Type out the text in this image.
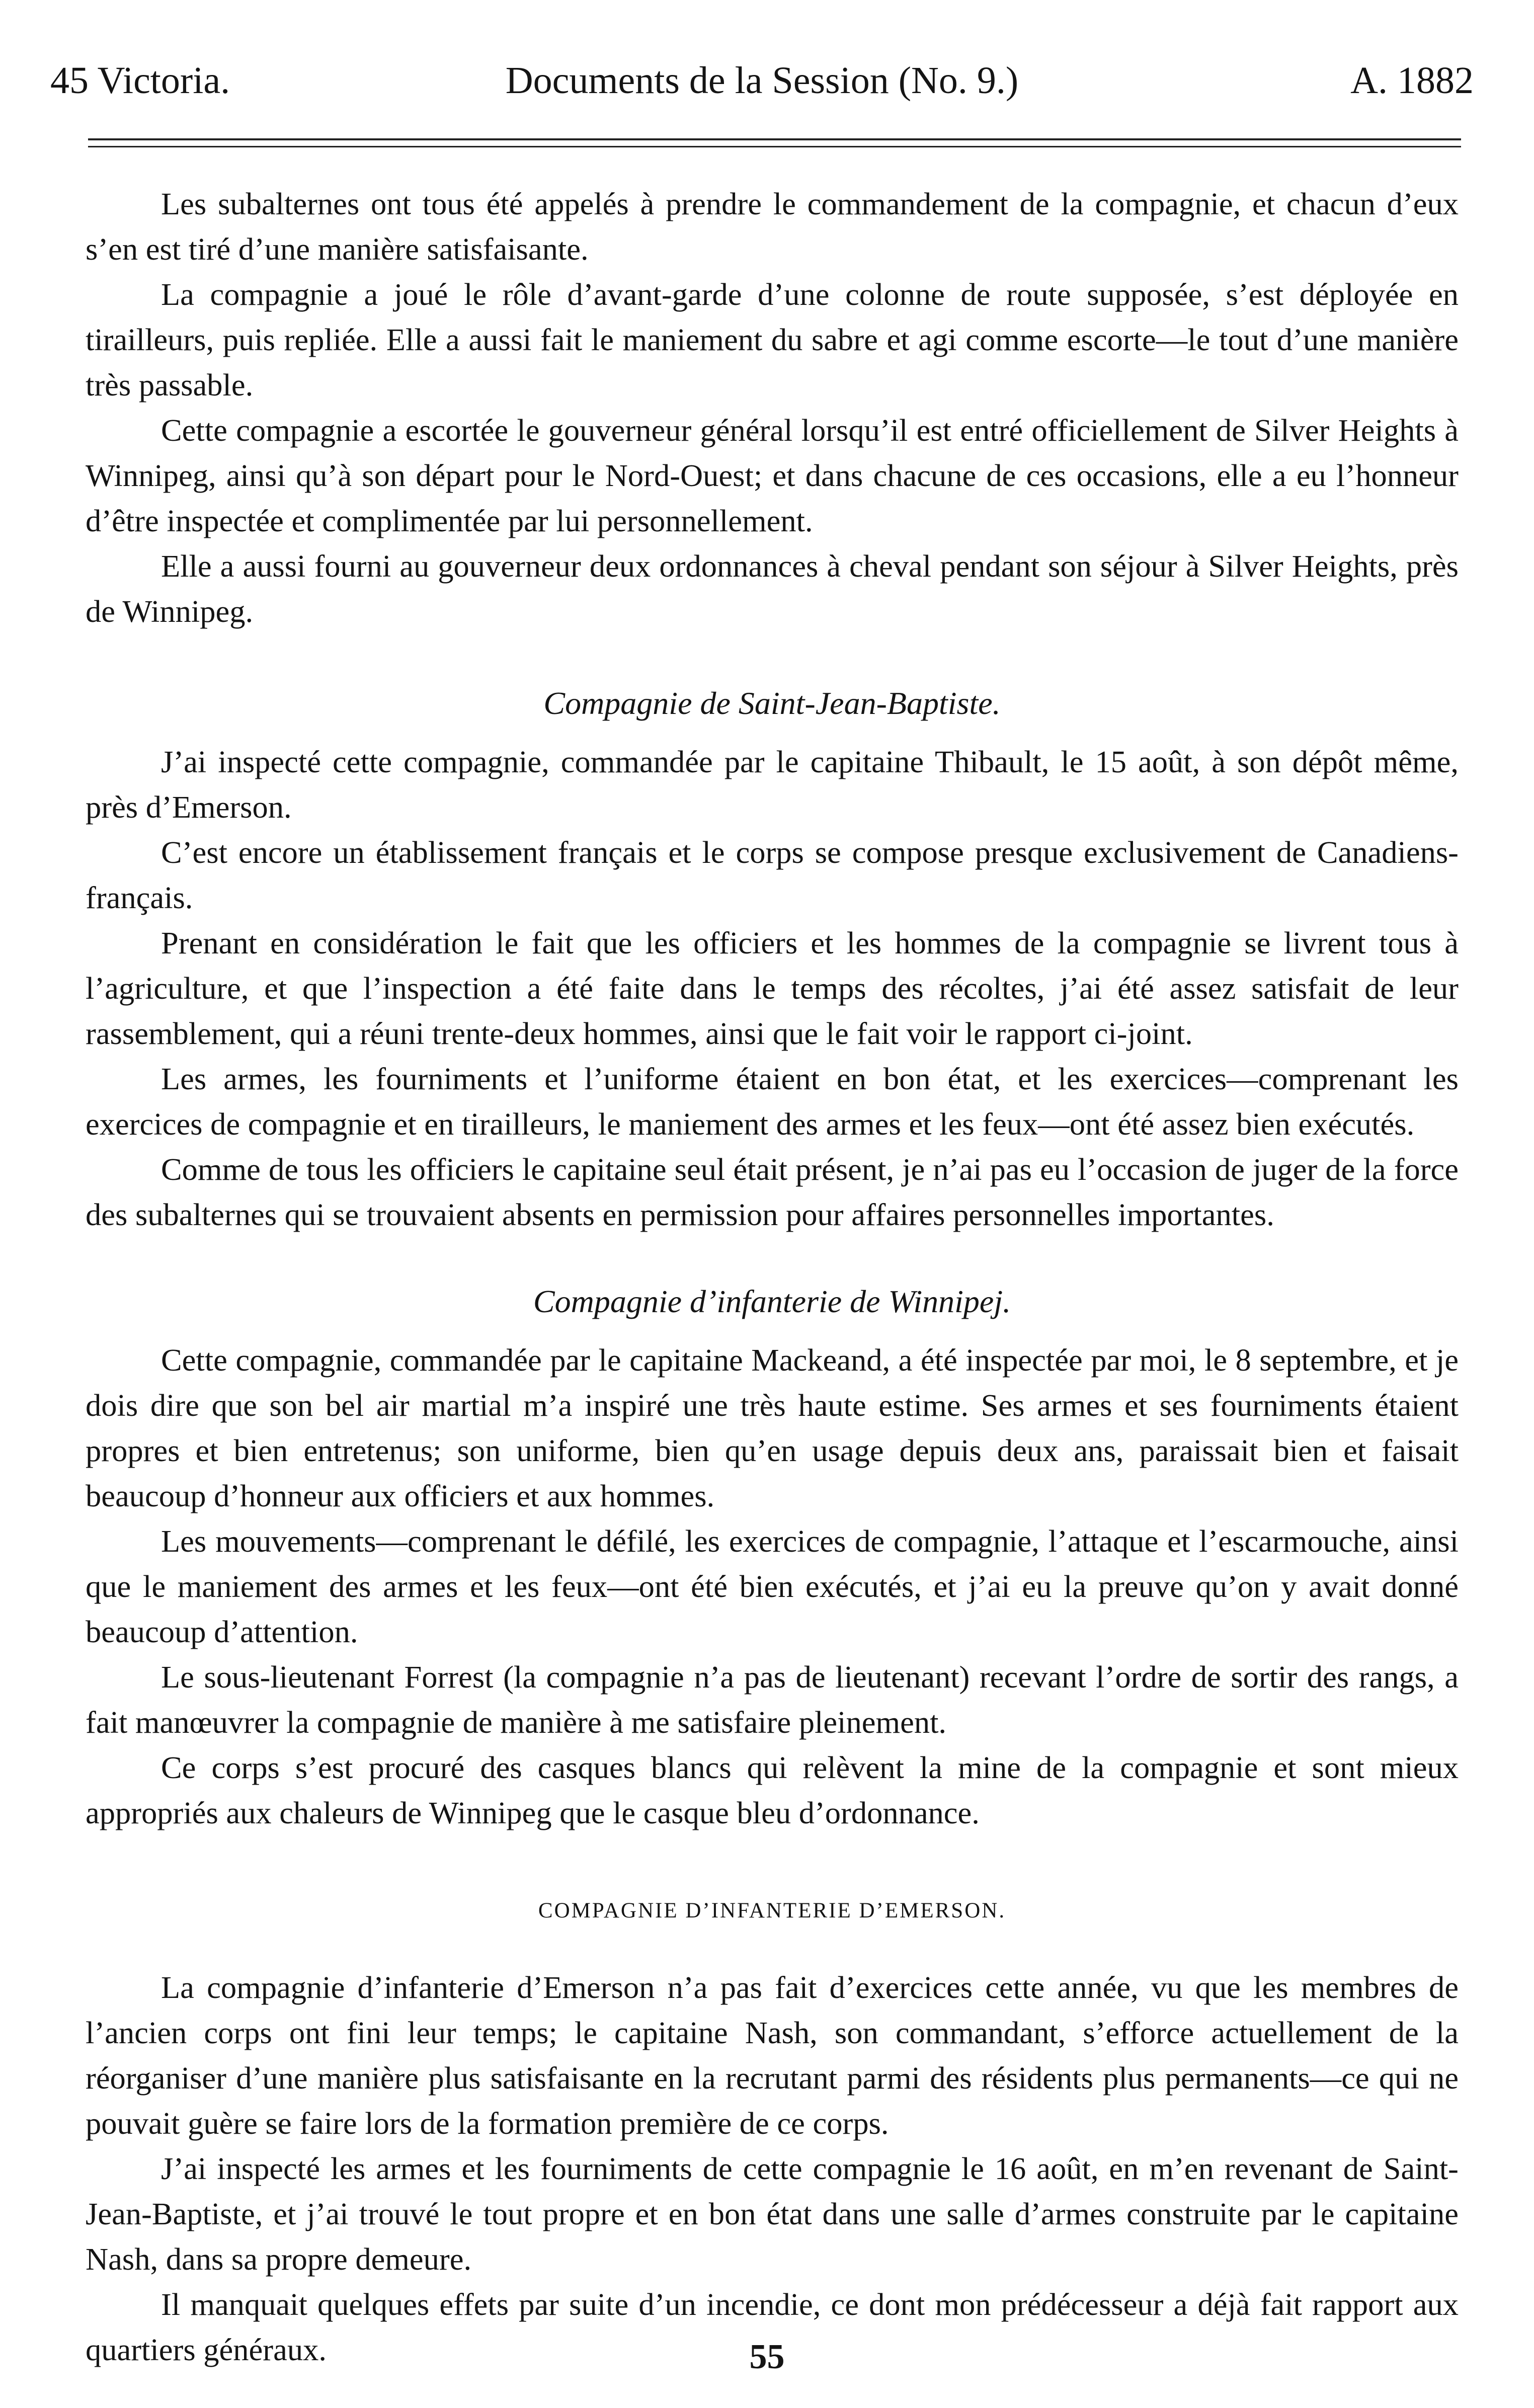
45 Victoria.	Documents de la Session (No. 9.)	A. 1882

Les subalternes ont tous été appelés à prendre le commandement de la compagnie, et chacun d’eux s’en est tiré d’une manière satisfaisante.

La compagnie a joué le rôle d’avant-garde d’une colonne de route supposée, s’est déployée en tirailleurs, puis repliée. Elle a aussi fait le maniement du sabre et agi comme escorte—le tout d’une manière très passable.

Cette compagnie a escortée le gouverneur général lorsqu’il est entré officiellement de Silver Heights à Winnipeg, ainsi qu’à son départ pour le Nord-Ouest; et dans chacune de ces occasions, elle a eu l’honneur d’être inspectée et complimentée par lui personnellement.

Elle a aussi fourni au gouverneur deux ordonnances à cheval pendant son séjour à Silver Heights, près de Winnipeg.

Compagnie de Saint-Jean-Baptiste.

J’ai inspecté cette compagnie, commandée par le capitaine Thibault, le 15 août, à son dépôt même, près d’Emerson.

C’est encore un établissement français et le corps se compose presque exclusivement de Canadiens-français.

Prenant en considération le fait que les officiers et les hommes de la compagnie se livrent tous à l’agriculture, et que l’inspection a été faite dans le temps des récoltes, j’ai été assez satisfait de leur rassemblement, qui a réuni trente-deux hommes, ainsi que le fait voir le rapport ci-joint.

Les armes, les fourniments et l’uniforme étaient en bon état, et les exercices—comprenant les exercices de compagnie et en tirailleurs, le maniement des armes et les feux—ont été assez bien exécutés.

Comme de tous les officiers le capitaine seul était présent, je n’ai pas eu l’occasion de juger de la force des subalternes qui se trouvaient absents en permission pour affaires personnelles importantes.

Compagnie d’infanterie de Winnipej.

Cette compagnie, commandée par le capitaine Mackeand, a été inspectée par moi, le 8 septembre, et je dois dire que son bel air martial m’a inspiré une très haute estime. Ses armes et ses fourniments étaient propres et bien entretenus; son uniforme, bien qu’en usage depuis deux ans, paraissait bien et faisait beaucoup d’honneur aux officiers et aux hommes.

Les mouvements—comprenant le défilé, les exercices de compagnie, l’attaque et l’escarmouche, ainsi que le maniement des armes et les feux—ont été bien exécutés, et j’ai eu la preuve qu’on y avait donné beaucoup d’attention.

Le sous-lieutenant Forrest (la compagnie n’a pas de lieutenant) recevant l’ordre de sortir des rangs, a fait manœuvrer la compagnie de manière à me satisfaire pleinement.

Ce corps s’est procuré des casques blancs qui relèvent la mine de la compagnie et sont mieux appropriés aux chaleurs de Winnipeg que le casque bleu d’ordonnance.

COMPAGNIE D’INFANTERIE D’EMERSON.

La compagnie d’infanterie d’Emerson n’a pas fait d’exercices cette année, vu que les membres de l’ancien corps ont fini leur temps; le capitaine Nash, son commandant, s’efforce actuellement de la réorganiser d’une manière plus satisfaisante en la recrutant parmi des résidents plus permanents—ce qui ne pouvait guère se faire lors de la formation première de ce corps.

J’ai inspecté les armes et les fourniments de cette compagnie le 16 août, en m’en revenant de Saint-Jean-Baptiste, et j’ai trouvé le tout propre et en bon état dans une salle d’armes construite par le capitaine Nash, dans sa propre demeure.

Il manquait quelques effets par suite d’un incendie, ce dont mon prédécesseur a déjà fait rapport aux quartiers généraux.	55
